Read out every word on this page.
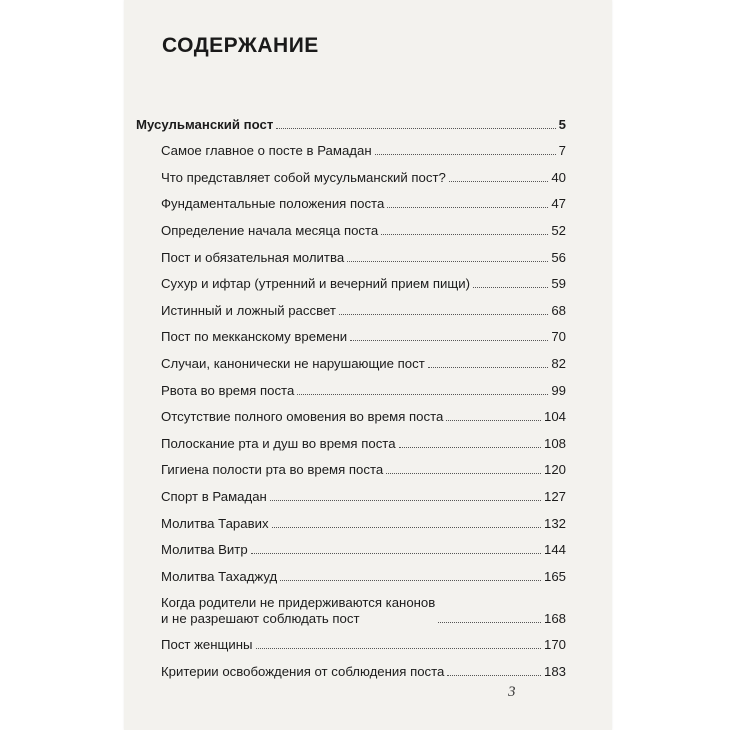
СОДЕРЖАНИЕ
Мусульманский пост	5
Самое главное о посте в Рамадан	7
Что представляет собой мусульманский пост?	40
Фундаментальные положения поста	47
Определение начала месяца поста	52
Пост и обязательная молитва	56
Сухур и ифтар (утренний и вечерний прием пищи)	59
Истинный и ложный рассвет	68
Пост по мекканскому времени	70
Случаи, канонически не нарушающие пост	82
Рвота во время поста	99
Отсутствие полного омовения во время поста	104
Полоскание рта и душ во время поста	108
Гигиена полости рта во время поста	120
Спорт в Рамадан	127
Молитва Таравих	132
Молитва Витр	144
Молитва Тахаджуд	165
Когда родители не придерживаются канонов
и не разрешают соблюдать пост	168
Пост женщины	170
Критерии освобождения от соблюдения поста	183
3
